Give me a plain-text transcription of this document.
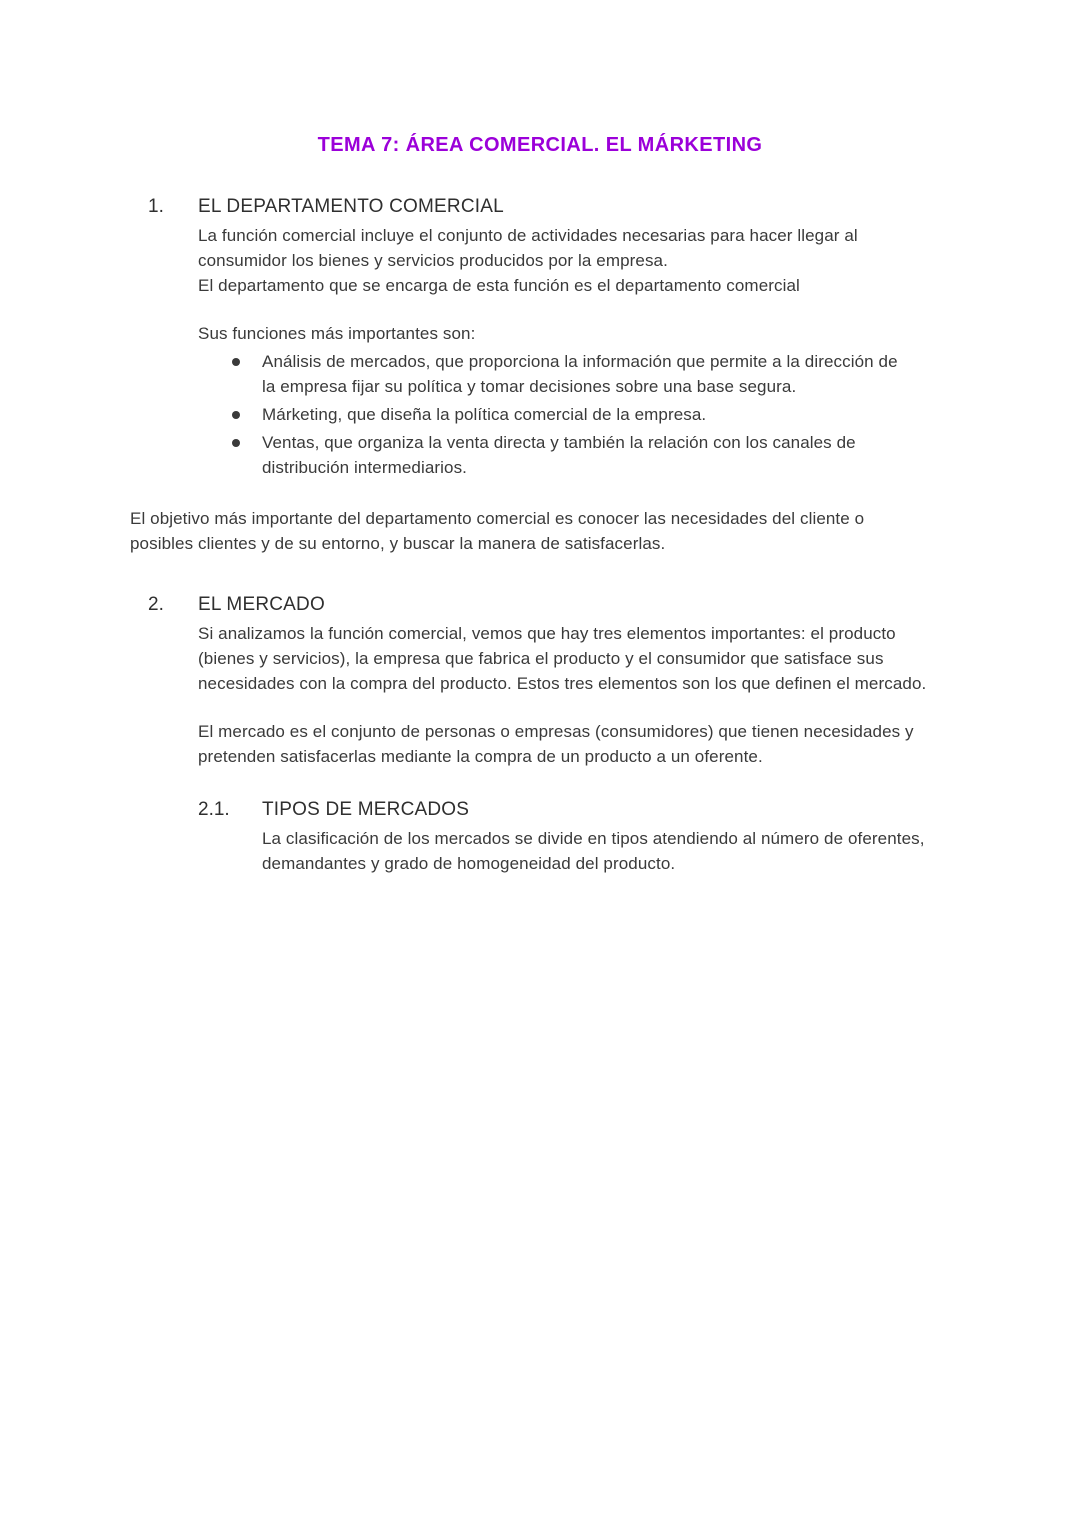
TEMA 7: ÁREA COMERCIAL. EL MÁRKETING
1.	EL DEPARTAMENTO COMERCIAL

La función comercial incluye el conjunto de actividades necesarias para hacer llegar al consumidor los bienes y servicios producidos por la empresa.

El departamento que se encarga de esta función es el departamento comercial

Sus funciones más importantes son:

Análisis de mercados, que proporciona la información que permite a la dirección de la empresa fijar su política y tomar decisiones sobre una base segura.
Márketing, que diseña la política comercial de la empresa.
Ventas, que organiza la venta directa y también la relación con los canales de distribución intermediarios.

El objetivo más importante del departamento comercial es conocer las necesidades del cliente o posibles clientes y de su entorno, y buscar la manera de satisfacerlas.

2.	EL MERCADO

Si analizamos la función comercial, vemos que hay tres elementos importantes: el producto (bienes y servicios), la empresa que fabrica el producto y el consumidor que satisface sus necesidades con la compra del producto. Estos tres elementos son los que definen el mercado.

El mercado es el conjunto de personas o empresas (consumidores) que tienen necesidades y pretenden satisfacerlas mediante la compra de un producto a un oferente.

2.1.	TIPOS DE MERCADOS

La clasificación de los mercados se divide en tipos atendiendo al número de oferentes, demandantes y grado de homogeneidad del producto.
